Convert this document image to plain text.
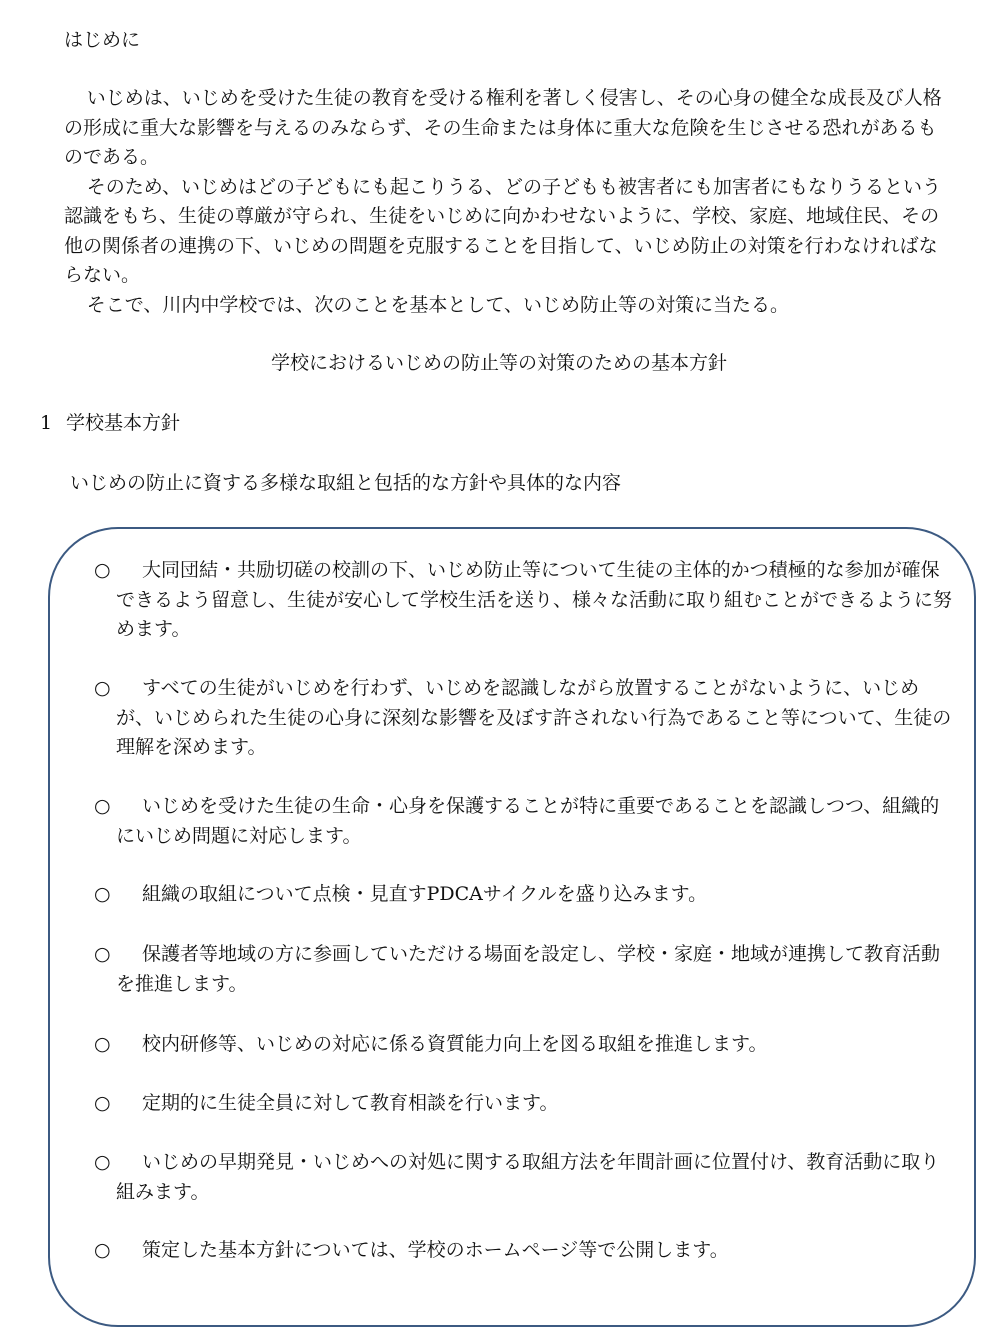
はじめに

いじめは、いじめを受けた生徒の教育を受ける権利を著しく侵害し、その心身の健全な成長及び人格の形成に重大な影響を与えるのみならず、その生命または身体に重大な危険を生じさせる恐れがあるものである。

そのため、いじめはどの子どもにも起こりうる、どの子どもも被害者にも加害者にもなりうるという認識をもち、生徒の尊厳が守られ、生徒をいじめに向かわせないように、学校、家庭、地域住民、その他の関係者の連携の下、いじめの問題を克服することを目指して、いじめ防止の対策を行わなければならない。

そこで、川内中学校では、次のことを基本として、いじめ防止等の対策に当たる。

学校におけるいじめの防止等の対策のための基本方針
1 学校基本方針
いじめの防止に資する多様な取組と包括的な方針や具体的な内容
○	大同団結・共励切磋の校訓の下、いじめ防止等について生徒の主体的かつ積極的な参加が確保できるよう留意し、生徒が安心して学校生活を送り、様々な活動に取り組むことができるように努めます。
○	すべての生徒がいじめを行わず、いじめを認識しながら放置することがないように、いじめが、いじめられた生徒の心身に深刻な影響を及ぼす許されない行為であること等について、生徒の理解を深めます。
○	いじめを受けた生徒の生命・心身を保護することが特に重要であることを認識しつつ、組織的にいじめ問題に対応します。
○	組織の取組について点検・見直すPDCAサイクルを盛り込みます。
○	保護者等地域の方に参画していただける場面を設定し、学校・家庭・地域が連携して教育活動を推進します。
○	校内研修等、いじめの対応に係る資質能力向上を図る取組を推進します。
○	定期的に生徒全員に対して教育相談を行います。
○	いじめの早期発見・いじめへの対処に関する取組方法を年間計画に位置付け、教育活動に取り組みます。
○	策定した基本方針については、学校のホームページ等で公開します。
